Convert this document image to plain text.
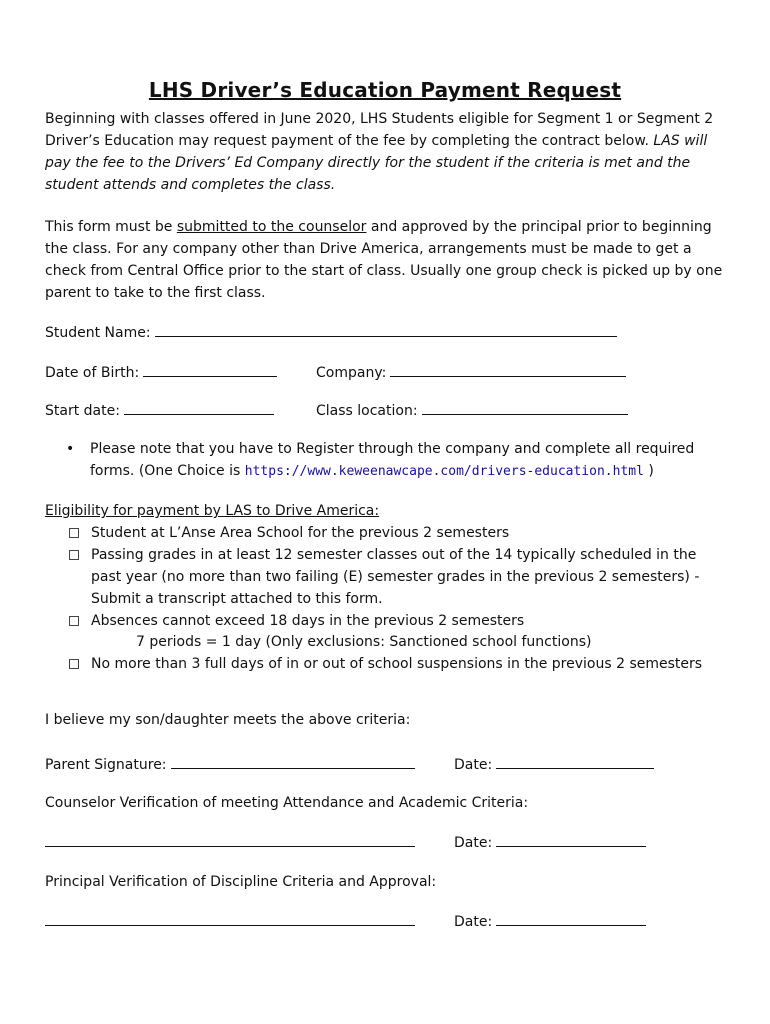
LHS Driver’s Education Payment Request
Beginning with classes offered in June 2020, LHS Students eligible for Segment 1 or Segment 2 Driver’s Education may request payment of the fee by completing the contract below. LAS will pay the fee to the Drivers’ Ed Company directly for the student if the criteria is met and the student attends and completes the class.
This form must be submitted to the counselor and approved by the principal prior to beginning the class. For any company other than Drive America, arrangements must be made to get a check from Central Office prior to the start of class. Usually one group check is picked up by one parent to take to the first class.
Student Name:
Date of Birth:	Company:
Start date:	Class location:
• Please note that you have to Register through the company and complete all required forms. (One Choice is https://www.keweenawcape.com/drivers-education.html )
Eligibility for payment by LAS to Drive America:
Student at L’Anse Area School for the previous 2 semesters
Passing grades in at least 12 semester classes out of the 14 typically scheduled in the past year (no more than two failing (E) semester grades in the previous 2 semesters) - Submit a transcript attached to this form.
Absences cannot exceed 18 days in the previous 2 semesters
7 periods = 1 day (Only exclusions: Sanctioned school functions)
No more than 3 full days of in or out of school suspensions in the previous 2 semesters
I believe my son/daughter meets the above criteria:
Parent Signature:	Date:
Counselor Verification of meeting Attendance and Academic Criteria:
Date:
Principal Verification of Discipline Criteria and Approval:
Date:
